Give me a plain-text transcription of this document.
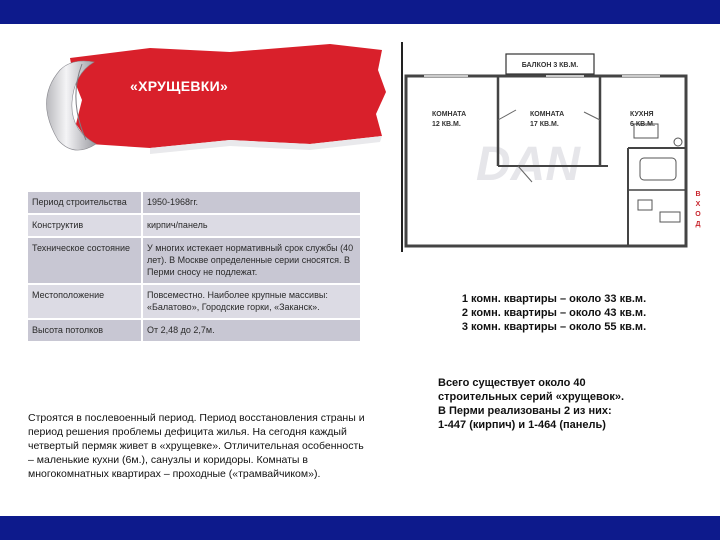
«ХРУЩЕВКИ»
Период строительства	1950-1968гг.
Конструктив	кирпич/панель
Техническое состояние	У многих истекает нормативный срок службы (40 лет). В Москве определенные серии сносятся. В Перми сносу не подлежат.
Местоположение	Повсеместно. Наиболее крупные массивы: «Балатово», Городские горки, «Заканск».
Высота потолков	От 2,48 до 2,7м.
DAN
БАЛКОН 3 КВ.М.
КОМНАТА
12 КВ.М.
КОМНАТА
17 КВ.М.
КУХНЯ
6 КВ.М.
В
Х
О
Д
1 комн. квартиры – около 33 кв.м.
2 комн. квартиры – около 43 кв.м.
3 комн. квартиры – около 55 кв.м.
Всего существует около 40
строительных серий «хрущевок».
В Перми реализованы 2 из них:
1-447 (кирпич) и 1-464 (панель)
Строятся в послевоенный период. Период восстановления страны и период решения проблемы дефицита жилья. На сегодня каждый четвертый пермяк живет в «хрущевке». Отличительная особенность – маленькие кухни (6м.), санузлы и коридоры. Комнаты в многокомнатных квартирах – проходные («трамвайчиком»).
